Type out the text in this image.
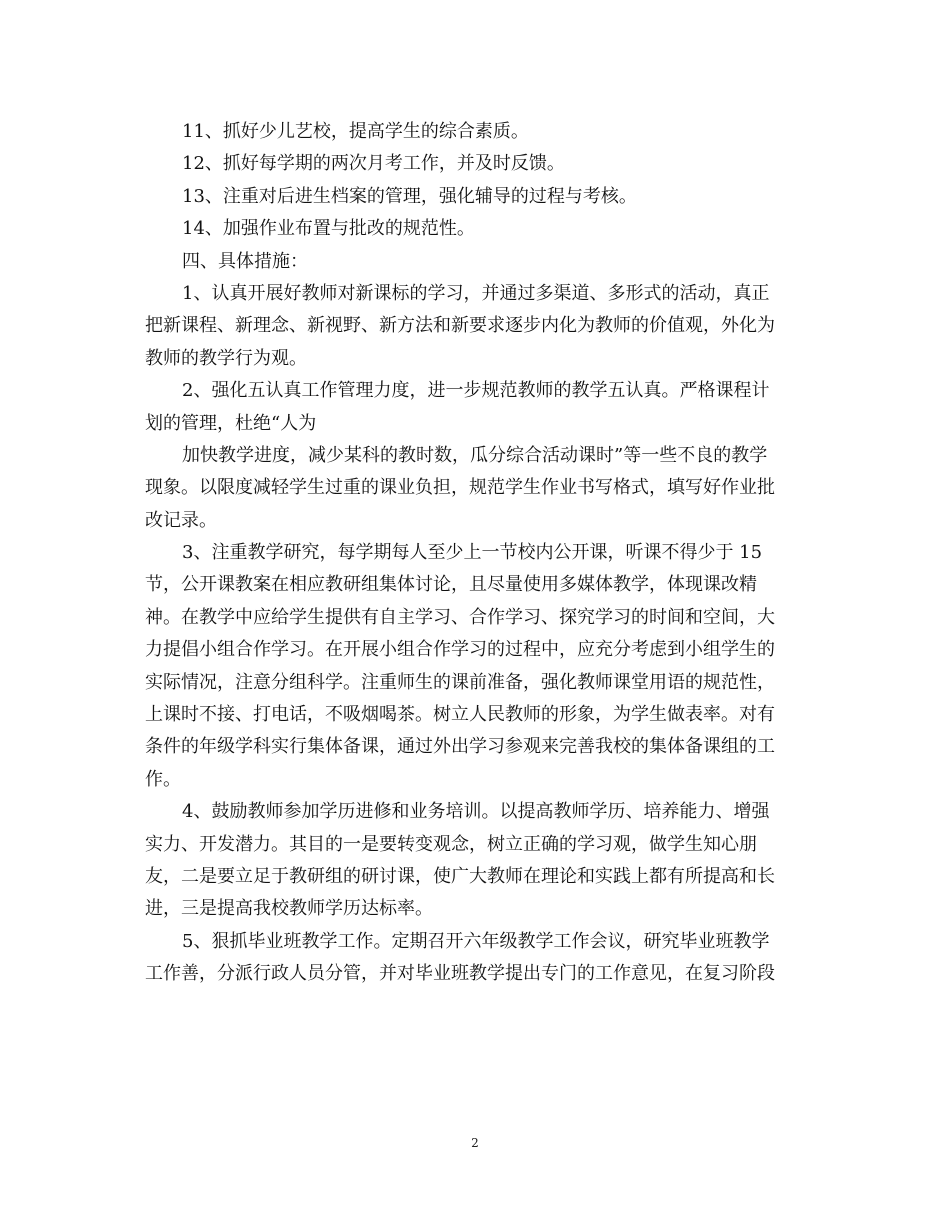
11、抓好少儿艺校，提高学生的综合素质。
12、抓好每学期的两次月考工作，并及时反馈。
13、注重对后进生档案的管理，强化辅导的过程与考核。
14、加强作业布置与批改的规范性。
四、具体措施：
1、认真开展好教师对新课标的学习，并通过多渠道、多形式的活动，真正
把新课程、新理念、新视野、新方法和新要求逐步内化为教师的价值观，外化为
教师的教学行为观。
2、强化五认真工作管理力度，进一步规范教师的教学五认真。严格课程计
划的管理，杜绝“人为
加快教学进度，减少某科的教时数，瓜分综合活动课时”等一些不良的教学
现象。以限度减轻学生过重的课业负担，规范学生作业书写格式，填写好作业批
改记录。
3、注重教学研究，每学期每人至少上一节校内公开课，听课不得少于 15
节，公开课教案在相应教研组集体讨论，且尽量使用多媒体教学，体现课改精
神。在教学中应给学生提供有自主学习、合作学习、探究学习的时间和空间，大
力提倡小组合作学习。在开展小组合作学习的过程中，应充分考虑到小组学生的
实际情况，注意分组科学。注重师生的课前准备，强化教师课堂用语的规范性，
上课时不接、打电话，不吸烟喝茶。树立人民教师的形象，为学生做表率。对有
条件的年级学科实行集体备课，通过外出学习参观来完善我校的集体备课组的工
作。
4、鼓励教师参加学历进修和业务培训。以提高教师学历、培养能力、增强
实力、开发潜力。其目的一是要转变观念，树立正确的学习观，做学生知心朋
友，二是要立足于教研组的研讨课，使广大教师在理论和实践上都有所提高和长
进，三是提高我校教师学历达标率。
5、狠抓毕业班教学工作。定期召开六年级教学工作会议，研究毕业班教学
工作善，分派行政人员分管，并对毕业班教学提出专门的工作意见，在复习阶段
2
